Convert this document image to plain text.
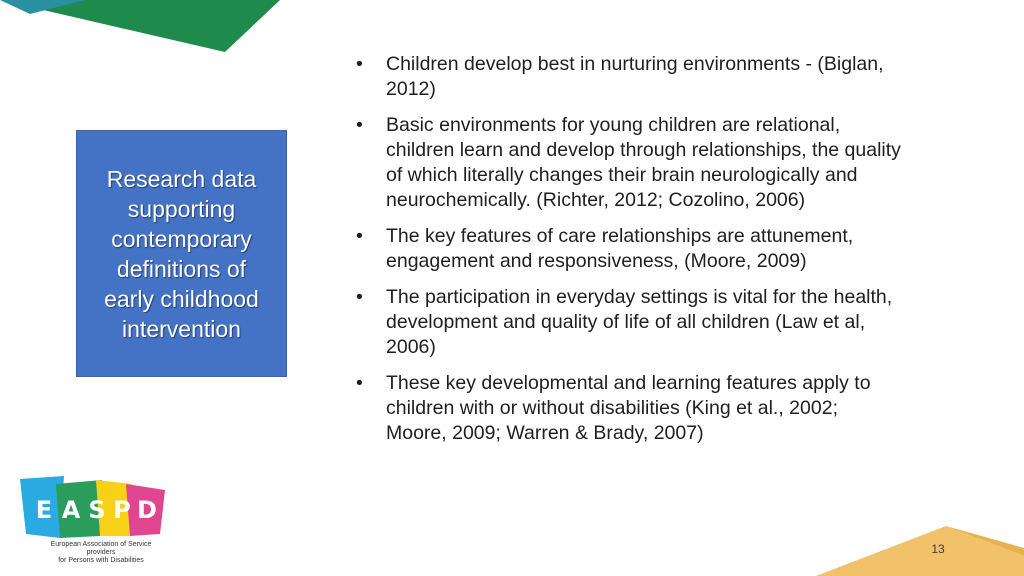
Research data supporting contemporary definitions of early childhood intervention
•	Children develop best in nurturing environments - (Biglan, 2012)
•	Basic environments for young children are relational, children learn and develop through relationships, the quality of which literally changes their brain neurologically and neurochemically. (Richter, 2012; Cozolino, 2006)
•	The key features of care relationships are attunement, engagement and responsiveness, (Moore, 2009)
•	The participation in everyday settings is vital for the health, development and quality of life of all children (Law et al, 2006)
•	These key developmental and learning features apply to children with or without disabilities (King et al., 2002; Moore, 2009; Warren & Brady, 2007)
E A S P D
European Association of Service providers
for Persons with Disabilities
13
